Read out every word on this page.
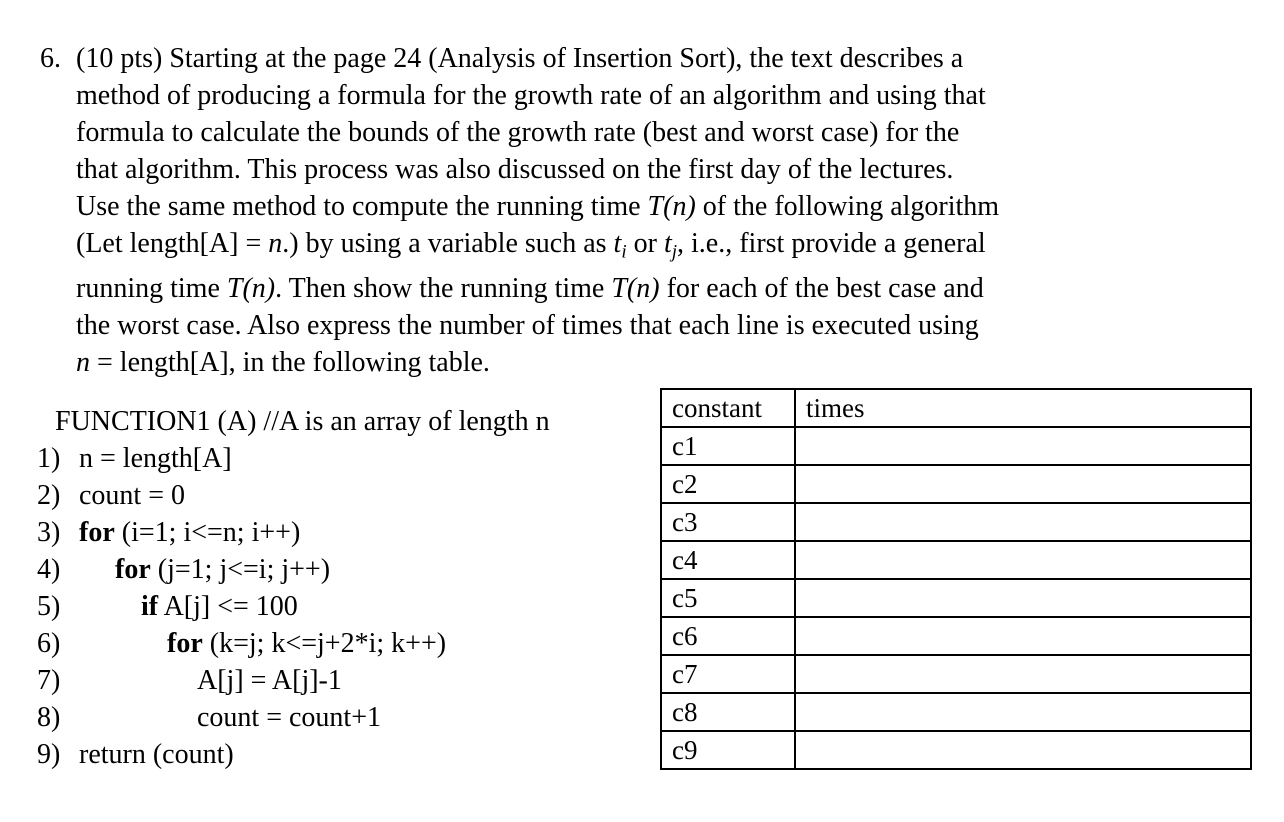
6. (10 pts) Starting at the page 24 (Analysis of Insertion Sort), the text describes a
method of producing a formula for the growth rate of an algorithm and using that
formula to calculate the bounds of the growth rate (best and worst case) for the
that algorithm. This process was also discussed on the first day of the lectures.
Use the same method to compute the running time T(n) of the following algorithm
(Let length[A] = n.) by using a variable such as $t_i$ or $t_j$, i.e., first provide a general
running time T(n). Then show the running time T(n) for each of the best case and
the worst case. Also express the number of times that each line is executed using
n = length[A], in the following table.
FUNCTION1 (A) //A is an array of length n
1) n = length[A]
2) count = 0
3) for (i=1; i<=n; i++)
4)	for (j=1; j<=i; j++)
5)	if A[j] <= 100
6)	for (k=j; k<=j+2*i; k++)
7)	A[j] = A[j]-1
8)	count = count+1
9) return (count)
constant	times
c1	
c2	
c3	
c4	
c5	
c6	
c7	
c8	
c9	
